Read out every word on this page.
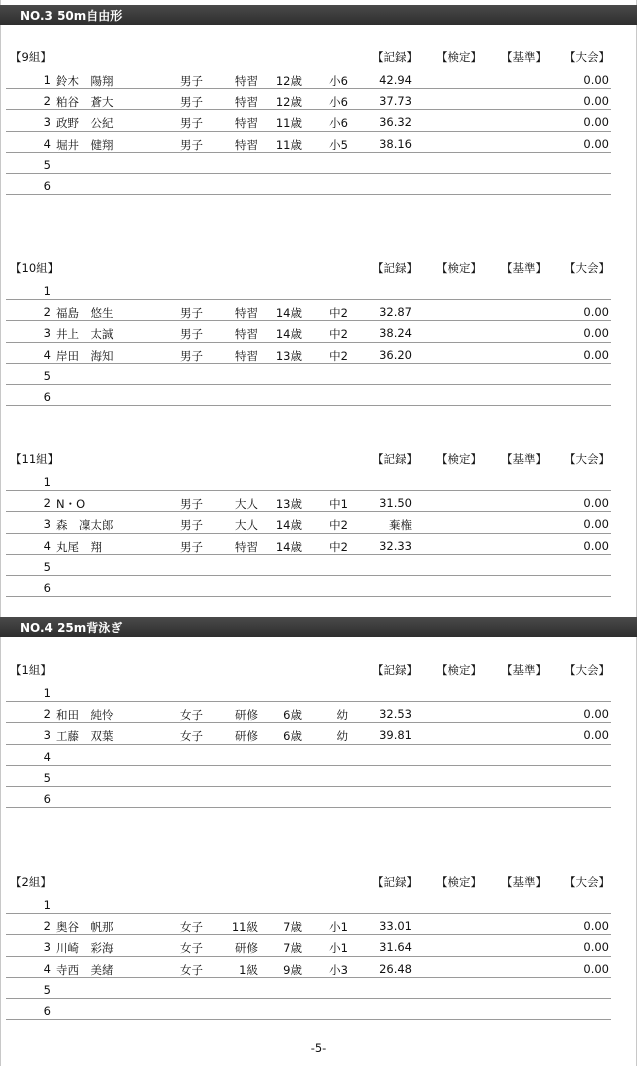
NO.3 50m自由形
【9組】	【記録】 【検定】 【基準】 【大会】
1 鈴木　陽翔	男子	特習	12歳	小6	42.94	0.00
2 粕谷　蒼大	男子	特習	12歳	小6	37.73	0.00
3 政野　公紀	男子	特習	11歳	小6	36.32	0.00
4 堀井　健翔	男子	特習	11歳	小5	38.16	0.00
5
6
【10組】	【記録】 【検定】 【基準】 【大会】
1
2 福島　悠生	男子	特習	14歳	中2	32.87	0.00
3 井上　太誠	男子	特習	14歳	中2	38.24	0.00
4 岸田　海知	男子	特習	13歳	中2	36.20	0.00
5
6
【11組】	【記録】 【検定】 【基準】 【大会】
1
2 N・O	男子	大人	13歳	中1	31.50	0.00
3 森　凜太郎	男子	大人	14歳	中2	棄権	0.00
4 丸尾　翔	男子	特習	14歳	中2	32.33	0.00
5
6
NO.4 25m背泳ぎ
【1組】	【記録】 【検定】 【基準】 【大会】
1
2 和田　純怜	女子	研修	6歳	幼	32.53	0.00
3 工藤　双葉	女子	研修	6歳	幼	39.81	0.00
4
5
6
【2組】	【記録】 【検定】 【基準】 【大会】
1
2 奥谷　帆那	女子	11級	7歳	小1	33.01	0.00
3 川崎　彩海	女子	研修	7歳	小1	31.64	0.00
4 寺西　美緒	女子	1級	9歳	小3	26.48	0.00
5
6
-5-
